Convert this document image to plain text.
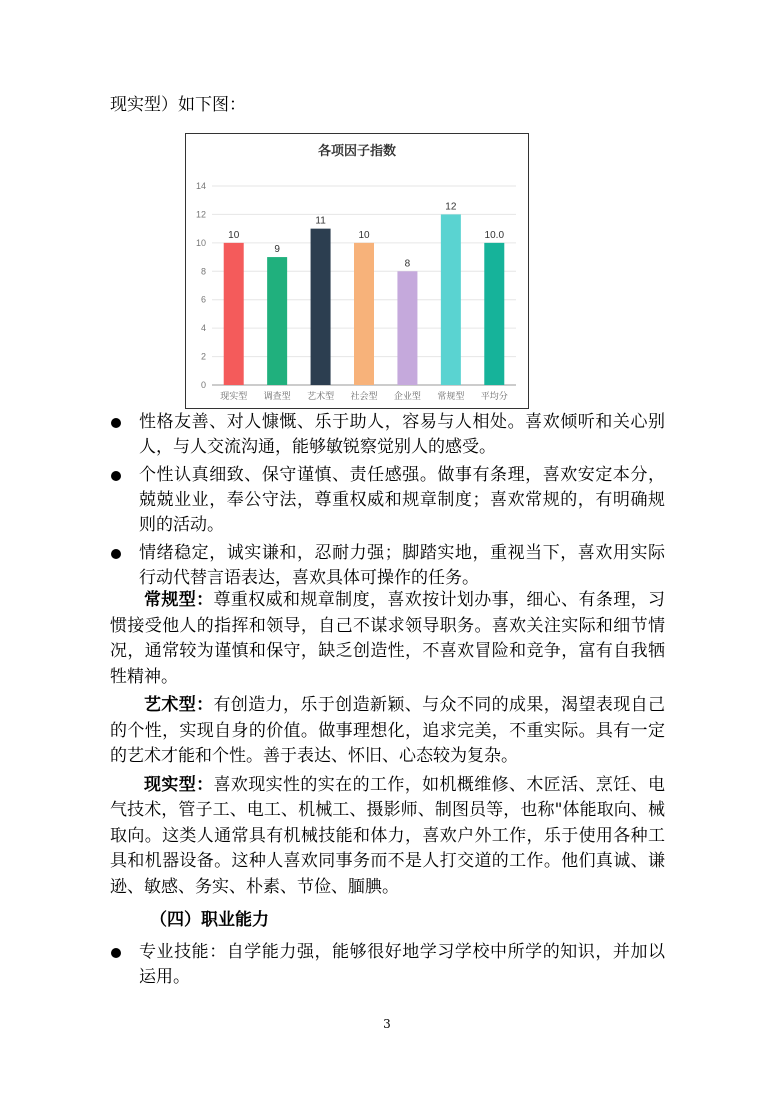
现实型）如下图：
各项因子指数
0
2
4
6
8
10
12
14
10
现实型
9
调查型
11
艺术型
10
社会型
8
企业型
12
常规型
10.0
平均分
性格友善、对人慷慨、乐于助人，容易与人相处。喜欢倾听和关心别人，与人交流沟通，能够敏锐察觉别人的感受。
个性认真细致、保守谨慎、责任感强。做事有条理，喜欢安定本分，兢兢业业，奉公守法，尊重权威和规章制度；喜欢常规的，有明确规则的活动。
情绪稳定，诚实谦和，忍耐力强；脚踏实地，重视当下，喜欢用实际行动代替言语表达，喜欢具体可操作的任务。

常规型：尊重权威和规章制度，喜欢按计划办事，细心、有条理，习惯接受他人的指挥和领导，自己不谋求领导职务。喜欢关注实际和细节情况，通常较为谨慎和保守，缺乏创造性，不喜欢冒险和竞争，富有自我牺牲精神。

艺术型：有创造力，乐于创造新颖、与众不同的成果，渴望表现自己的个性，实现自身的价值。做事理想化，追求完美，不重实际。具有一定的艺术才能和个性。善于表达、怀旧、心态较为复杂。

现实型：喜欢现实性的实在的工作，如机概维修、木匠活、烹饪、电气技术，管子工、电工、机械工、摄影师、制图员等，也称"体能取向、械取向。这类人通常具有机械技能和体力，喜欢户外工作，乐于使用各种工具和机器设备。这种人喜欢同事务而不是人打交道的工作。他们真诚、谦逊、敏感、务实、朴素、节俭、腼腆。

（四）职业能力
专业技能：自学能力强，能够很好地学习学校中所学的知识，并加以运用。
3
